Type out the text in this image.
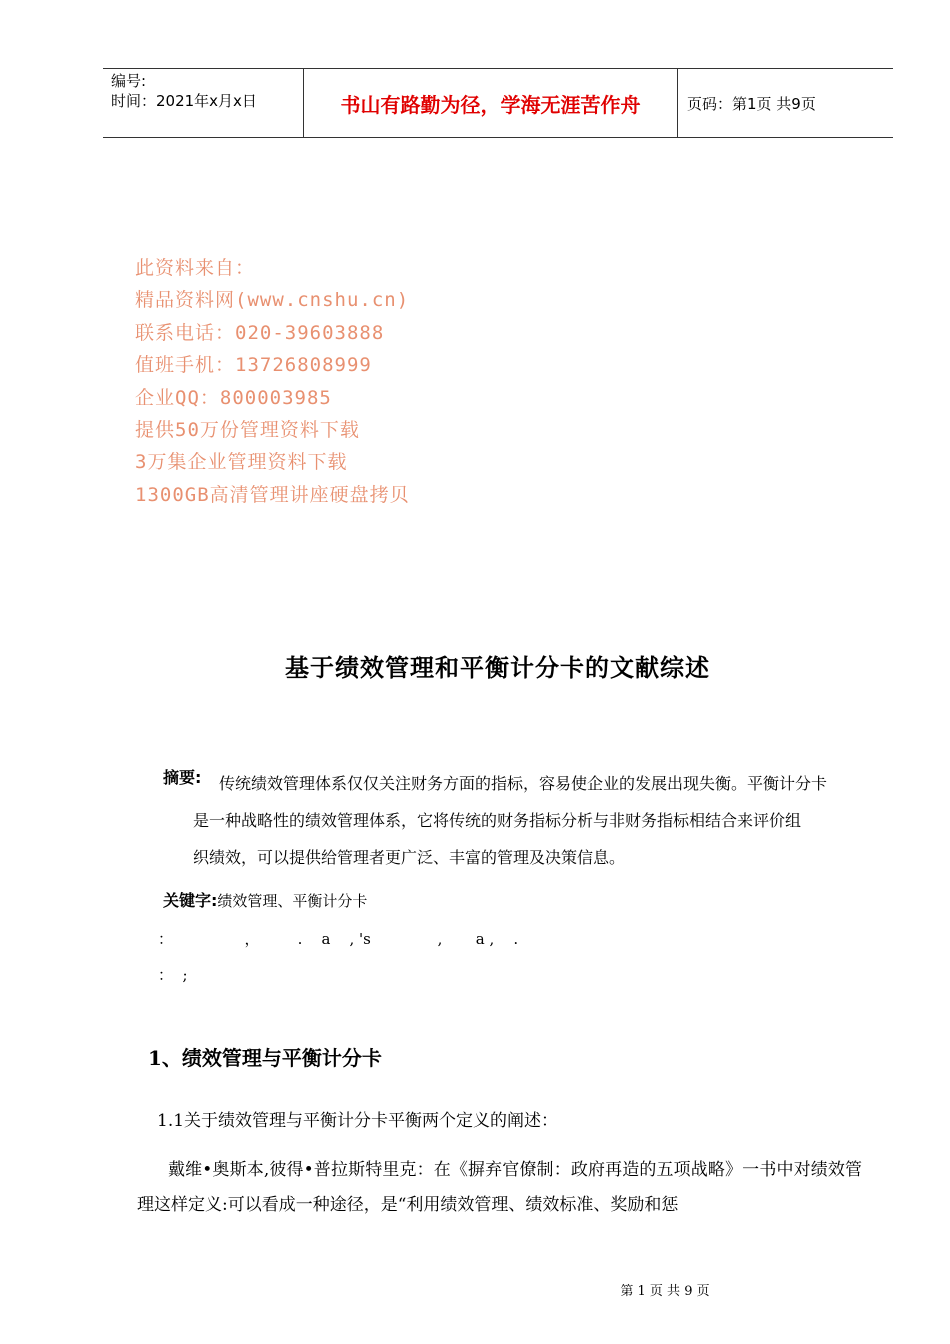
编号:
时间：2021年x月x日	书山有路勤为径，学海无涯苦作舟	页码：第1页 共9页
此资料来自：
精品资料网(www.cnshu.cn)
联系电话：020-39603888
值班手机：13726808999
企业QQ：800003985
提供50万份管理资料下载
3万集企业管理资料下载
1300GB高清管理讲座硬盘拷贝
基于绩效管理和平衡计分卡的文献综述
摘要: 传统绩效管理体系仅仅关注财务方面的指标，容易使企业的发展出现失衡。平衡计分卡
是一种战略性的绩效管理体系，它将传统的财务指标分析与非财务指标相结合来评价组
织绩效，可以提供给管理者更广泛、丰富的管理及决策信息。
关键字:绩效管理、平衡计分卡
：               ，        .    a    , 's              ,       a ,    .
：  ;
1、绩效管理与平衡计分卡
1.1关于绩效管理与平衡计分卡平衡两个定义的阐述：
戴维•奥斯本,彼得•普拉斯特里克：在《摒弃官僚制：政府再造的五项战略》一书中对绩效管理这样定义:可以看成一种途径，是“利用绩效管理、绩效标准、奖励和惩
第 1 页 共 9 页
